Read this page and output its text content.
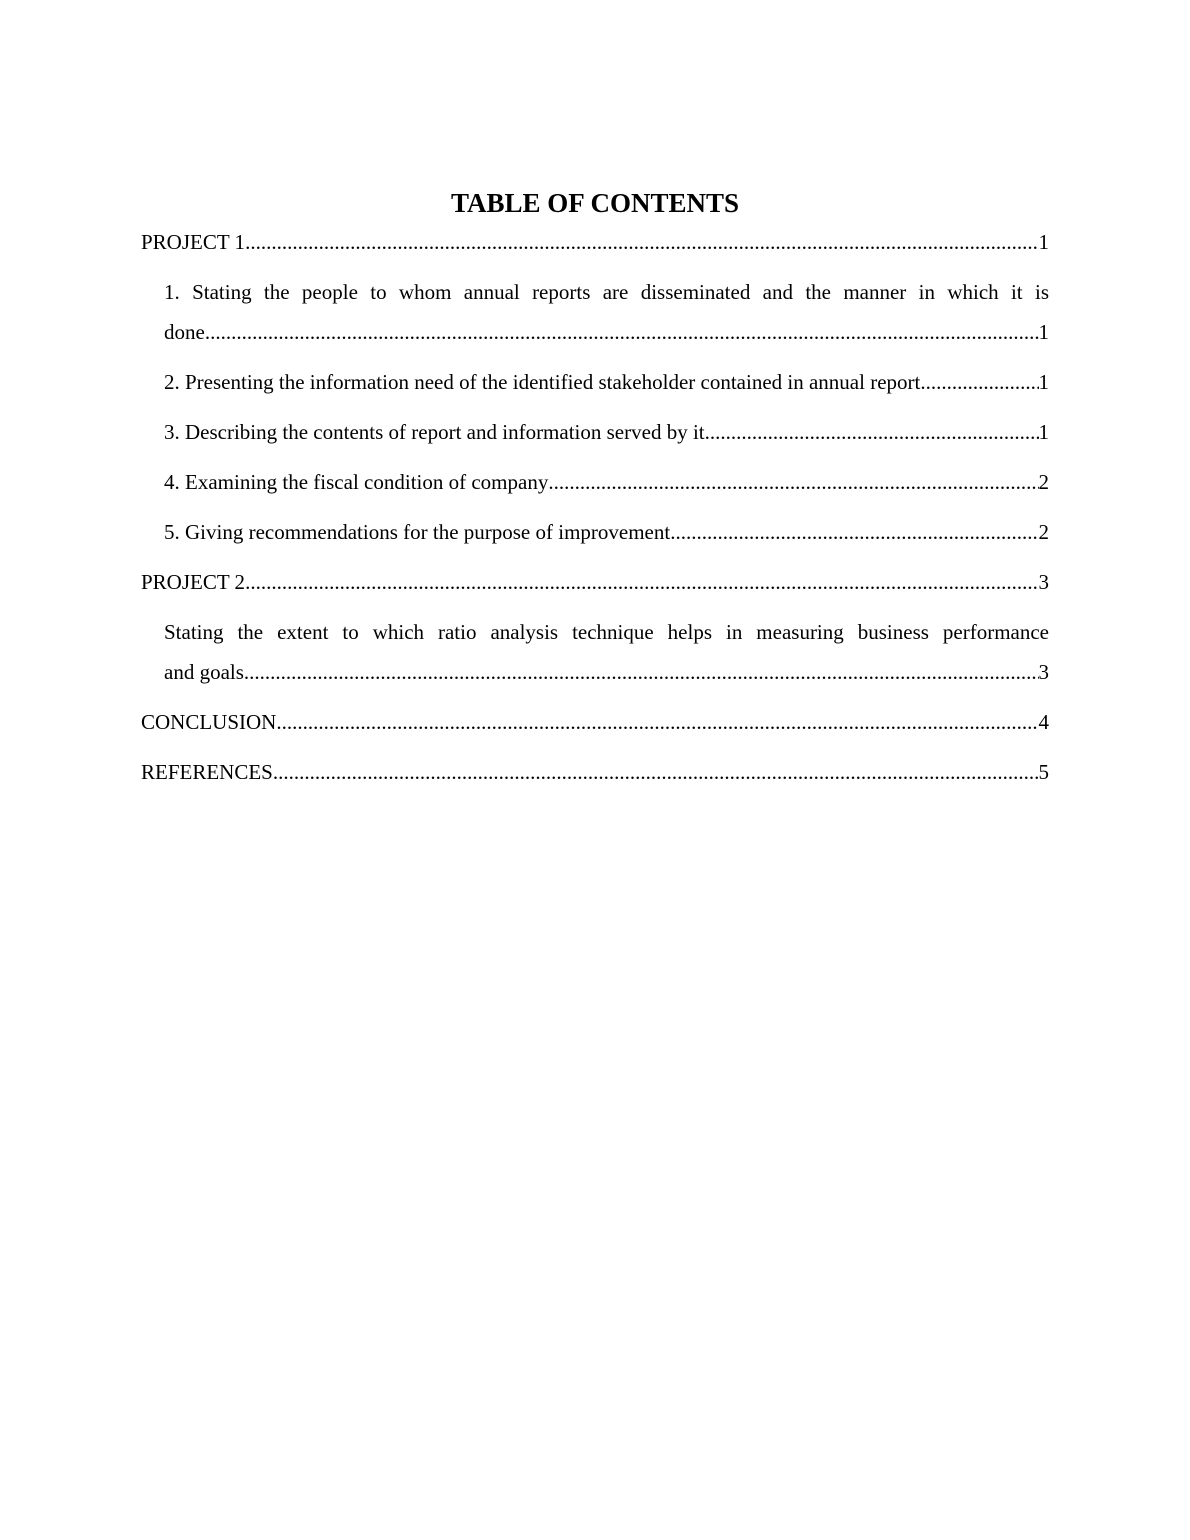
TABLE OF CONTENTS
PROJECT 1 .....	1
1. Stating the people to whom annual reports are disseminated and the manner in which it is
done .....	1
2. Presenting the information need of the identified stakeholder contained in annual report. .....	1
3. Describing the contents of report and information served by it .....	1
4. Examining the fiscal condition of company .....	2
5. Giving recommendations for the purpose of improvement .....	2
PROJECT 2 .....	3
Stating the extent to which ratio analysis technique helps in measuring business performance
and goals .....	3
CONCLUSION .....	4
REFERENCES .....	5
